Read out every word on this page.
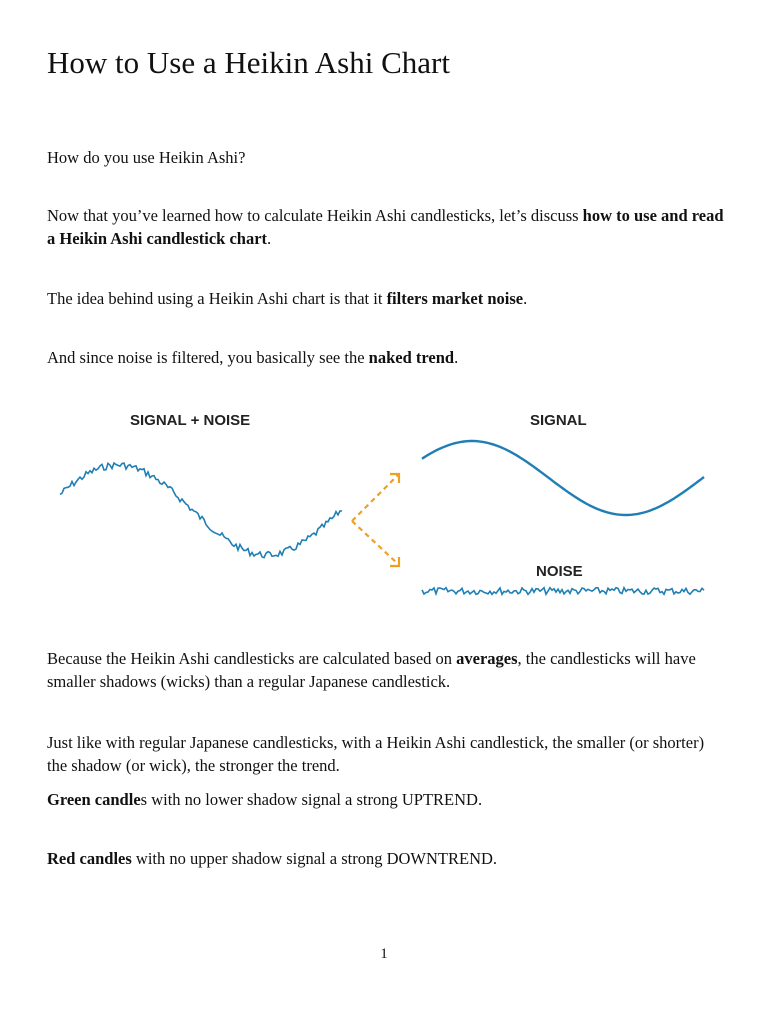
How to Use a Heikin Ashi Chart

How do you use Heikin Ashi?

Now that you’ve learned how to calculate Heikin Ashi candlesticks, let’s discuss how to use and read a Heikin Ashi candlestick chart.

The idea behind using a Heikin Ashi chart is that it filters market noise.

And since noise is filtered, you basically see the naked trend.

SIGNAL + NOISE	SIGNAL
NOISE

Because the Heikin Ashi candlesticks are calculated based on averages, the candlesticks will have smaller shadows (wicks) than a regular Japanese candlestick.

Just like with regular Japanese candlesticks, with a Heikin Ashi candlestick, the smaller (or shorter) the shadow (or wick), the stronger the trend.

Green candles with no lower shadow signal a strong UPTREND.

Red candles with no upper shadow signal a strong DOWNTREND.

1
